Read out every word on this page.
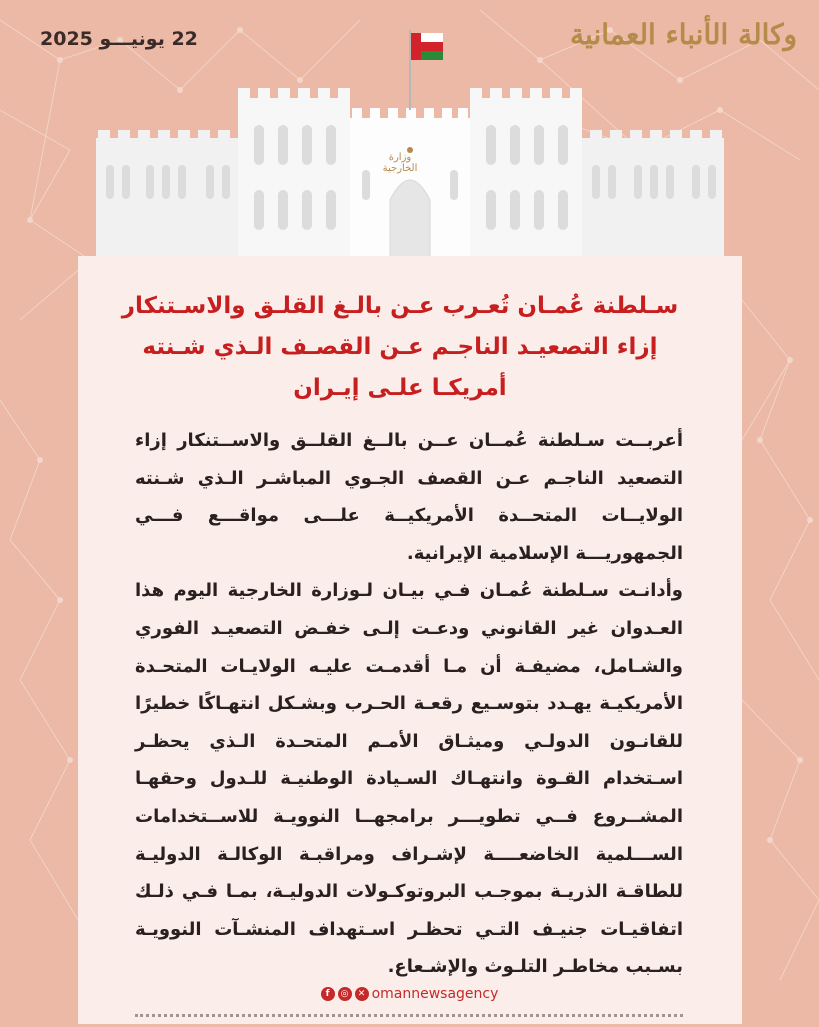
22 يونيـــو 2025	وكالة الأنباء العمانية
وزارة الخارجية
سـلطنة عُمـان تُعـرب عـن بالـغ القلـق والاسـتنكار
إزاء التصعيـد الناجـم عـن القصـف الـذي شـنته
أمريكـا علـى إيـران

أعربــت سـلطنة عُمــان عــن بالــغ القلــق والاســتنكار إزاء التصعيد الناجـم عـن القصف الجـوي المباشـر الـذي شـنته الولايــات المتحــدة الأمريكيــة علـــى مواقـــع فـــي الجمهوريـــة الإسلامية الإيرانية.

وأدانـت سـلطنة عُمـان فـي بيـان لـوزارة الخارجية اليوم هذا العـدوان غير القانوني ودعـت إلـى خفـض التصعيـد الفوري والشـامل، مضيفـة أن مـا أقدمـت عليـه الولايـات المتحـدة الأمريكيـة يهـدد بتوسـيع رقعـة الحـرب وبشـكل انتهـاكًا خطيرًا للقانـون الدولـي وميثـاق الأمـم المتحـدة الـذي يحظـر اسـتخدام القـوة وانتهـاك السـيادة الوطنيـة للـدول وحقهـا المشــروع فــي تطويـــر برامجهــا النوويـة للاســتخدامات الســـلمية الخاضعــــة لإشـراف ومراقبـة الوكالـة الدوليـة للطاقـة الذريـة بموجـب البروتوكـولات الدوليـة، بمـا فـي ذلـك اتفاقيـات جنيـف التـي تحظـر اسـتهداف المنشـآت النوويـة بسـبب مخاطـر التلـوث والإشـعاع.

f	◎	✕ omannewsagency
